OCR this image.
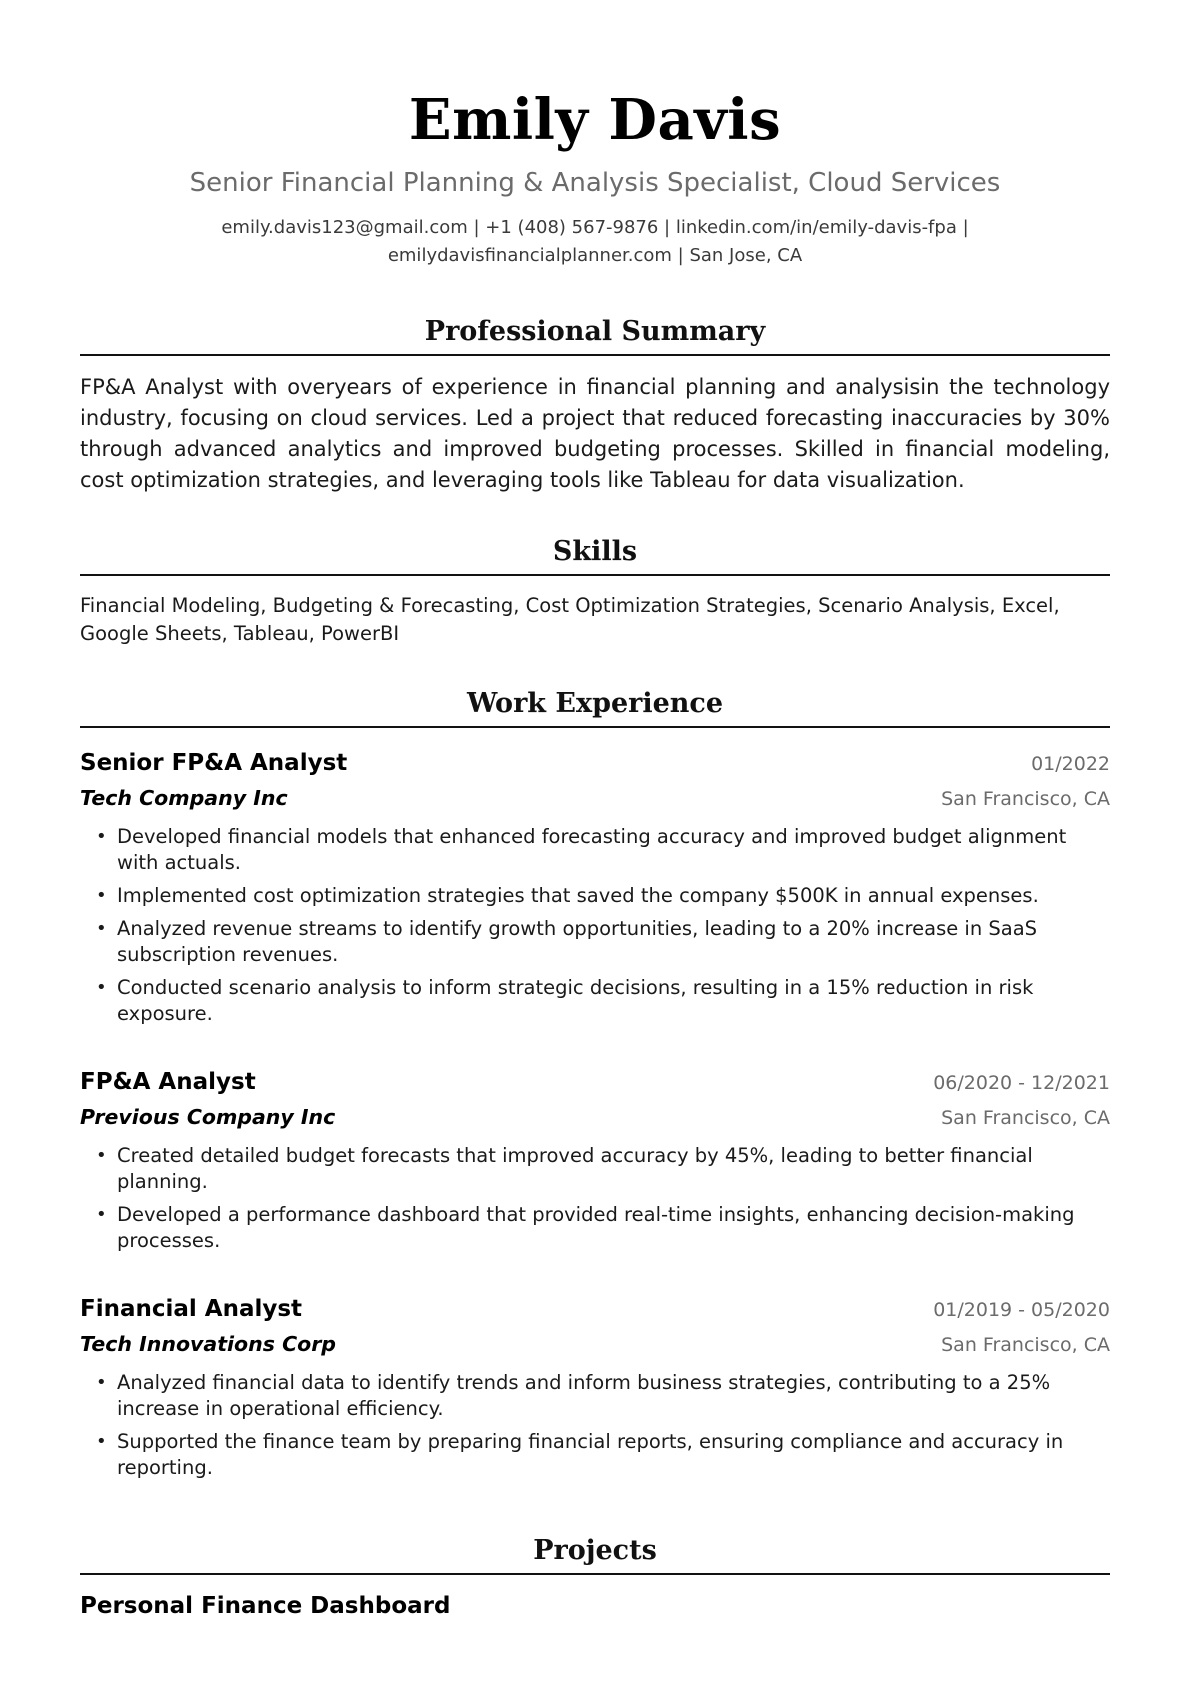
Emily Davis
Senior Financial Planning & Analysis Specialist, Cloud Services
emily.davis123@gmail.com | +1 (408) 567-9876 | linkedin.com/in/emily-davis-fpa |
emilydavisfinancialplanner.com | San Jose, CA
Professional Summary
FP&A Analyst with overyears of experience in financial planning and analysisin the technology industry, focusing on cloud services. Led a project that reduced forecasting inaccuracies by 30% through advanced analytics and improved budgeting processes. Skilled in financial modeling, cost optimization strategies, and leveraging tools like Tableau for data visualization.
Skills
Financial Modeling, Budgeting & Forecasting, Cost Optimization Strategies, Scenario Analysis, Excel, Google Sheets, Tableau, PowerBI
Work Experience
Senior FP&A Analyst	01/2022
Tech Company Inc	San Francisco, CA
• Developed financial models that enhanced forecasting accuracy and improved budget alignment with actuals.
• Implemented cost optimization strategies that saved the company $500K in annual expenses.
• Analyzed revenue streams to identify growth opportunities, leading to a 20% increase in SaaS subscription revenues.
• Conducted scenario analysis to inform strategic decisions, resulting in a 15% reduction in risk exposure.
FP&A Analyst	06/2020 - 12/2021
Previous Company Inc	San Francisco, CA
• Created detailed budget forecasts that improved accuracy by 45%, leading to better financial planning.
• Developed a performance dashboard that provided real-time insights, enhancing decision-making processes.
Financial Analyst	01/2019 - 05/2020
Tech Innovations Corp	San Francisco, CA
• Analyzed financial data to identify trends and inform business strategies, contributing to a 25% increase in operational efficiency.
• Supported the finance team by preparing financial reports, ensuring compliance and accuracy in reporting.
Projects
Personal Finance Dashboard
